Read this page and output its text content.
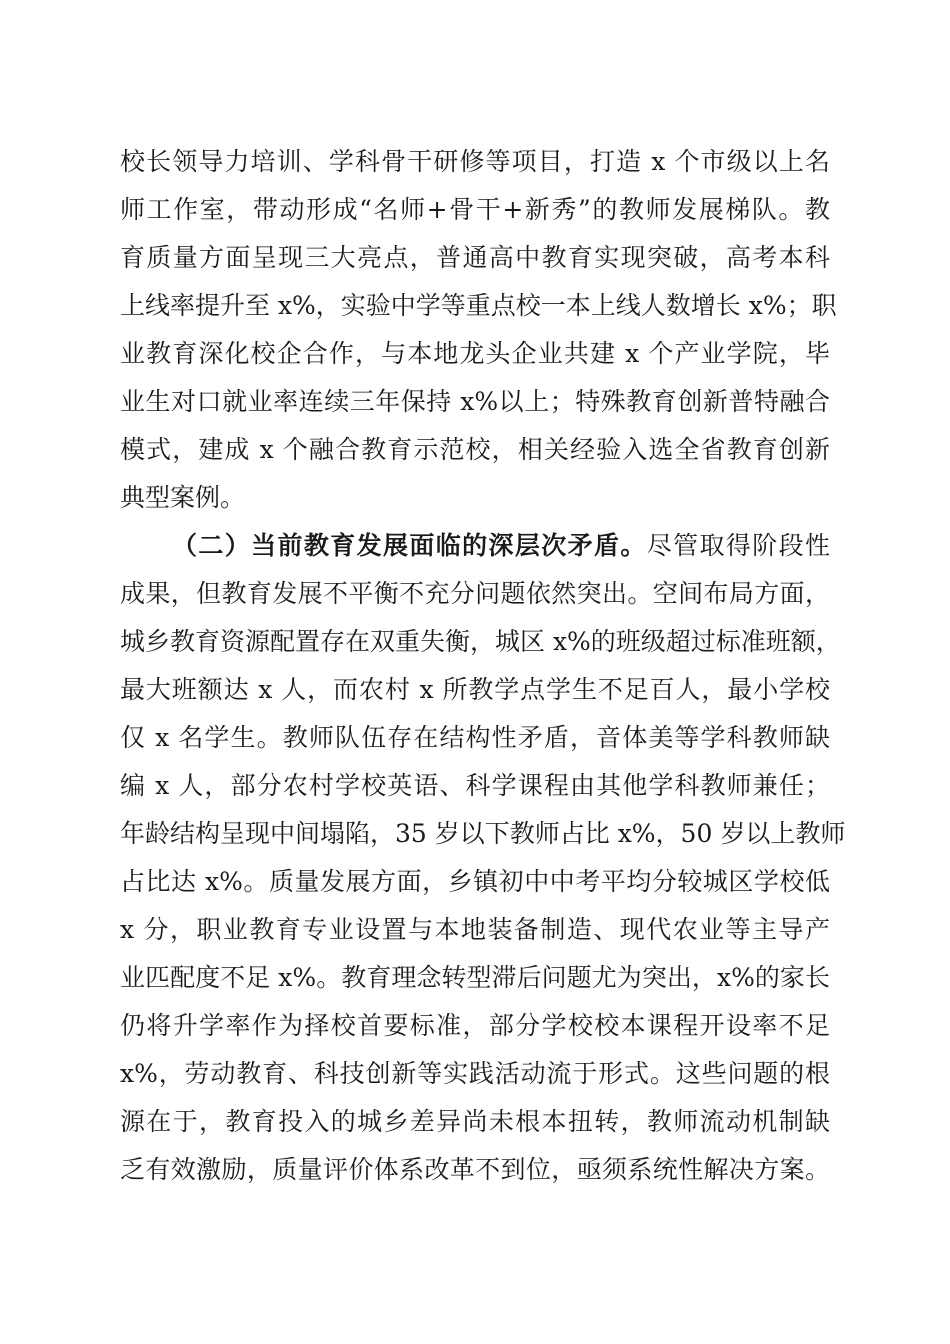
校长领导力培训、学科骨干研修等项目，打造 x 个市级以上名
师工作室，带动形成“名师+骨干+新秀”的教师发展梯队。教
育质量方面呈现三大亮点，普通高中教育实现突破，高考本科
上线率提升至 x%，实验中学等重点校一本上线人数增长 x%；职
业教育深化校企合作，与本地龙头企业共建 x 个产业学院，毕
业生对口就业率连续三年保持 x%以上；特殊教育创新普特融合
模式，建成 x 个融合教育示范校，相关经验入选全省教育创新
典型案例。
（二）当前教育发展面临的深层次矛盾。尽管取得阶段性
成果，但教育发展不平衡不充分问题依然突出。空间布局方面，
城乡教育资源配置存在双重失衡，城区 x%的班级超过标准班额，
最大班额达 x 人，而农村 x 所教学点学生不足百人，最小学校
仅 x 名学生。教师队伍存在结构性矛盾，音体美等学科教师缺
编 x 人，部分农村学校英语、科学课程由其他学科教师兼任；
年龄结构呈现中间塌陷，35 岁以下教师占比 x%，50 岁以上教师
占比达 x%。质量发展方面，乡镇初中中考平均分较城区学校低
x 分，职业教育专业设置与本地装备制造、现代农业等主导产
业匹配度不足 x%。教育理念转型滞后问题尤为突出，x%的家长
仍将升学率作为择校首要标准，部分学校校本课程开设率不足
x%，劳动教育、科技创新等实践活动流于形式。这些问题的根
源在于，教育投入的城乡差异尚未根本扭转，教师流动机制缺
乏有效激励，质量评价体系改革不到位，亟须系统性解决方案。
